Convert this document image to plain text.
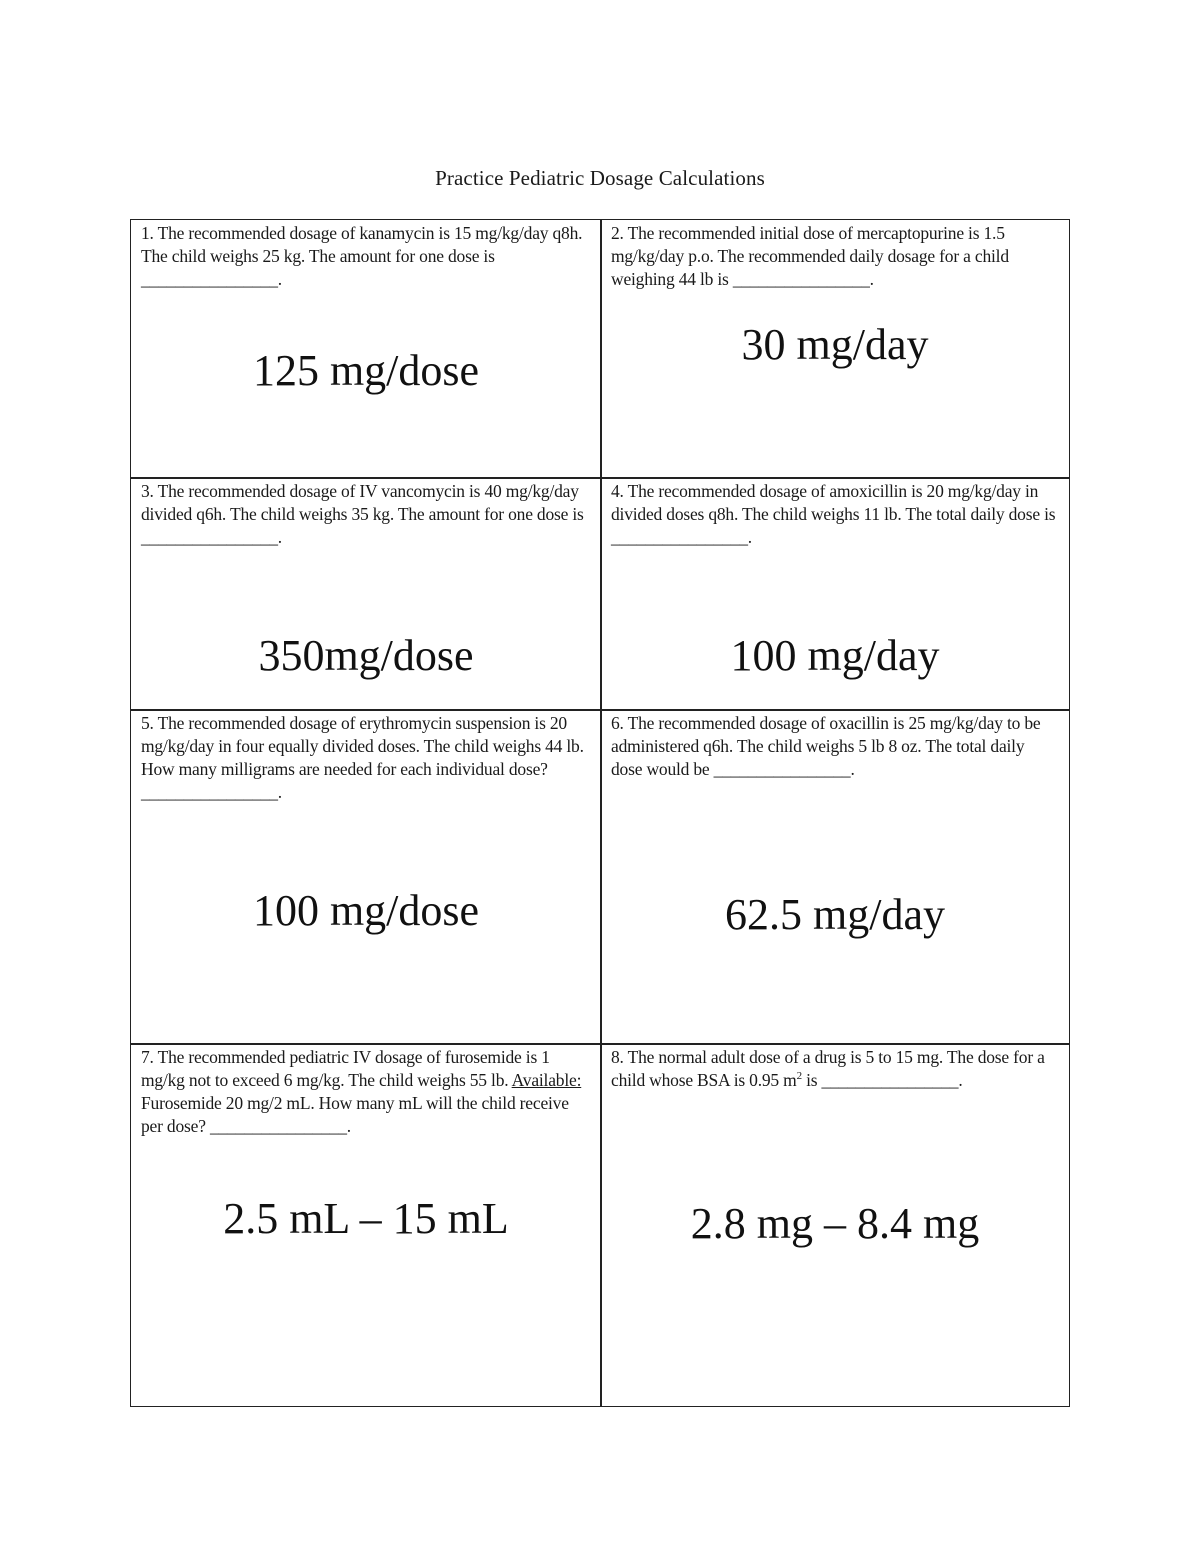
Practice Pediatric Dosage Calculations
1. The recommended dosage of kanamycin is 15 mg/kg/day q8h. The child weighs 25 kg. The amount for one dose is ________________.
125 mg/dose
2. The recommended initial dose of mercaptopurine is 1.5 mg/kg/day p.o. The recommended daily dosage for a child weighing 44 lb is ________________.
30 mg/day
3. The recommended dosage of IV vancomycin is 40 mg/kg/day divided q6h. The child weighs 35 kg. The amount for one dose is ________________.
350mg/dose
4. The recommended dosage of amoxicillin is 20 mg/kg/day in divided doses q8h. The child weighs 11 lb. The total daily dose is ________________.
100 mg/day
5. The recommended dosage of erythromycin suspension is 20 mg/kg/day in four equally divided doses. The child weighs 44 lb. How many milligrams are needed for each individual dose? ________________.
100 mg/dose
6. The recommended dosage of oxacillin is 25 mg/kg/day to be administered q6h. The child weighs 5 lb 8 oz. The total daily dose would be ________________.
62.5 mg/day
7. The recommended pediatric IV dosage of furosemide is 1 mg/kg not to exceed 6 mg/kg. The child weighs 55 lb. Available: Furosemide 20 mg/2 mL. How many mL will the child receive per dose? ________________.
2.5 mL – 15 mL
8. The normal adult dose of a drug is 5 to 15 mg. The dose for a child whose BSA is 0.95 $m^2$ is ________________.
2.8 mg – 8.4 mg
